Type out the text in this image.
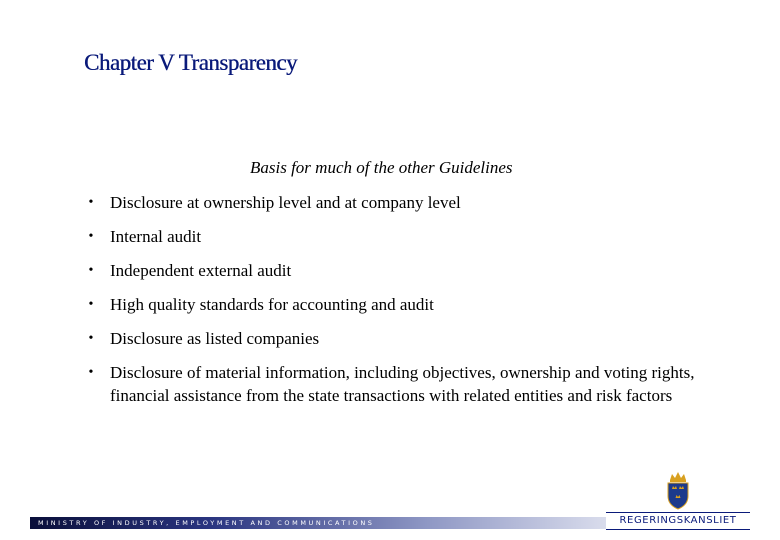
Chapter V Transparency

Basis for much of the other Guidelines

• Disclosure at ownership level and at company level
• Internal audit
• Independent external audit
• High quality standards for accounting and audit
• Disclosure as listed companies
• Disclosure of material information, including objectives, ownership and voting rights, financial assistance from the state transactions with related entities and risk factors
MINISTRY OF INDUSTRY, EMPLOYMENT AND COMMUNICATIONS	REGERINGSKANSLIET
